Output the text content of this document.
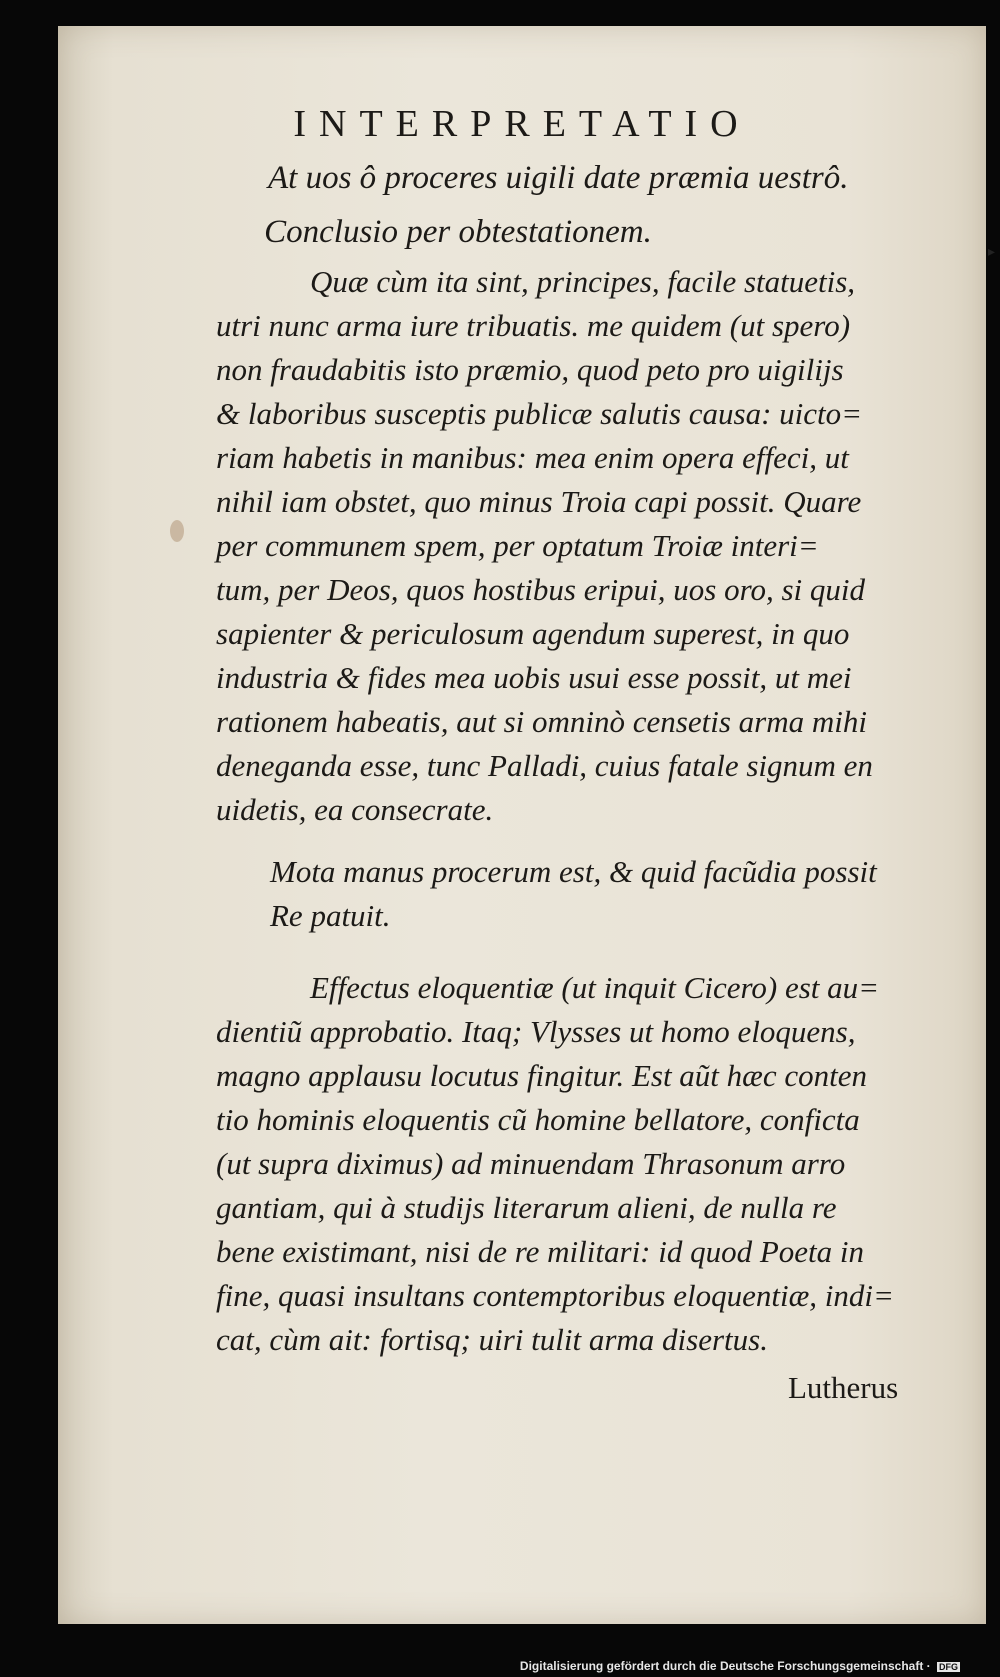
INTERPRETATIO
At uos ô proceres uigili date præmia uestrô.
Conclusio per obtestationem.
Quæ cùm ita sint, principes, facile statuetis,
utri nunc arma iure tribuatis. me quidem (ut spero)
non fraudabitis isto præmio, quod peto pro uigilijs
& laboribus susceptis publicæ salutis causa: uicto=
riam habetis in manibus: mea enim opera effeci, ut
nihil iam obstet, quo minus Troia capi possit. Quare
per communem spem, per optatum Troiæ interi=
tum, per Deos, quos hostibus eripui, uos oro, si quid
sapienter & periculosum agendum superest, in quo
industria & fides mea uobis usui esse possit, ut mei
rationem habeatis, aut si omninò censetis arma mihi
deneganda esse, tunc Palladi, cuius fatale signum en
uidetis, ea consecrate.
Mota manus procerum est, & quid facũdia possit
Re patuit.
Effectus eloquentiæ (ut inquit Cicero) est au=
dientiũ approbatio. Itaq; Vlysses ut homo eloquens,
magno applausu locutus fingitur. Est aũt hæc conten
tio hominis eloquentis cũ homine bellatore, conficta
(ut supra diximus) ad minuendam Thrasonum arro
gantiam, qui à studijs literarum alieni, de nulla re
bene existimant, nisi de re militari: id quod Poeta in
fine, quasi insultans contemptoribus eloquentiæ, indi=
cat, cùm ait: fortisq; uiri tulit arma disertus.
Lutherus
▸
Digitalisierung gefördert durch die Deutsche Forschungsgemeinschaft · DFG
